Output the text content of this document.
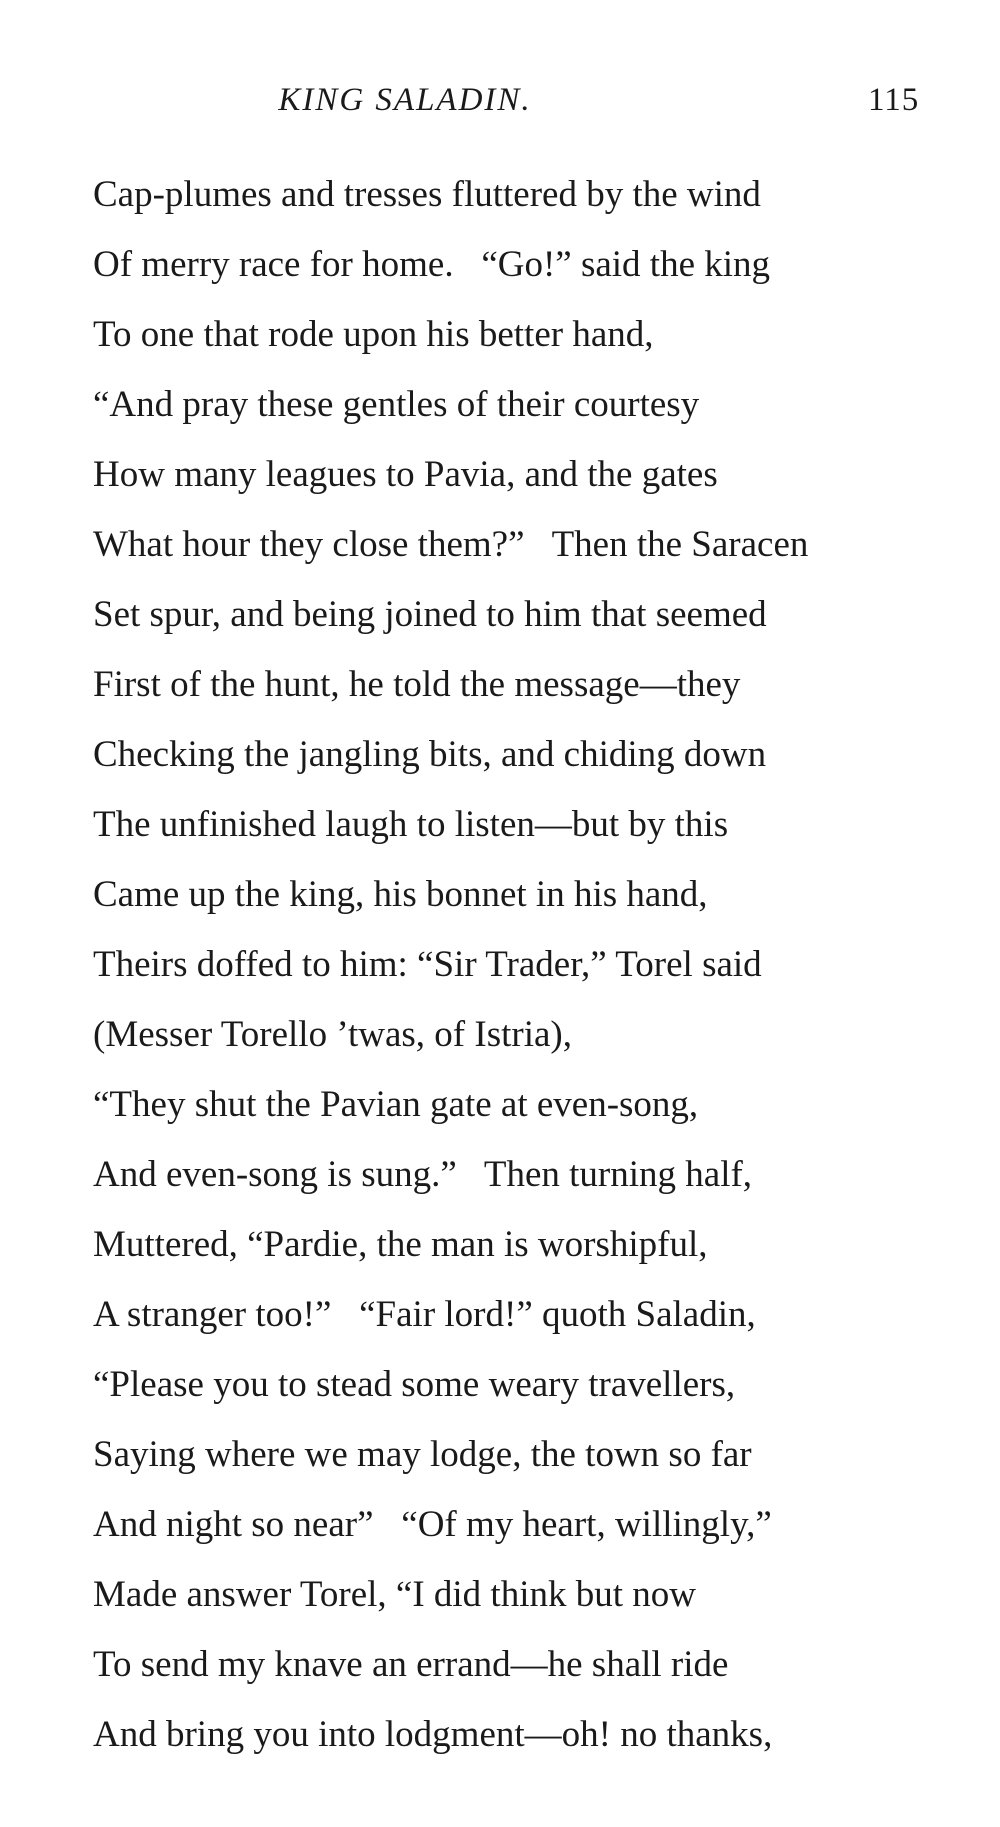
KING SALADIN.	115
Cap-plumes and tresses fluttered by the wind
Of merry race for home.   “Go!” said the king
To one that rode upon his better hand,
“And pray these gentles of their courtesy
How many leagues to Pavia, and the gates
What hour they close them?”   Then the Saracen
Set spur, and being joined to him that seemed
First of the hunt, he told the message—they
Checking the jangling bits, and chiding down
The unfinished laugh to listen—but by this
Came up the king, his bonnet in his hand,
Theirs doffed to him: “Sir Trader,” Torel said
(Messer Torello ’twas, of Istria),
“They shut the Pavian gate at even-song,
And even-song is sung.”   Then turning half,
Muttered, “Pardie, the man is worshipful,
A stranger too!”   “Fair lord!” quoth Saladin,
“Please you to stead some weary travellers,
Saying where we may lodge, the town so far
And night so near”   “Of my heart, willingly,”
Made answer Torel, “I did think but now
To send my knave an errand—he shall ride
And bring you into lodgment—oh! no thanks,
